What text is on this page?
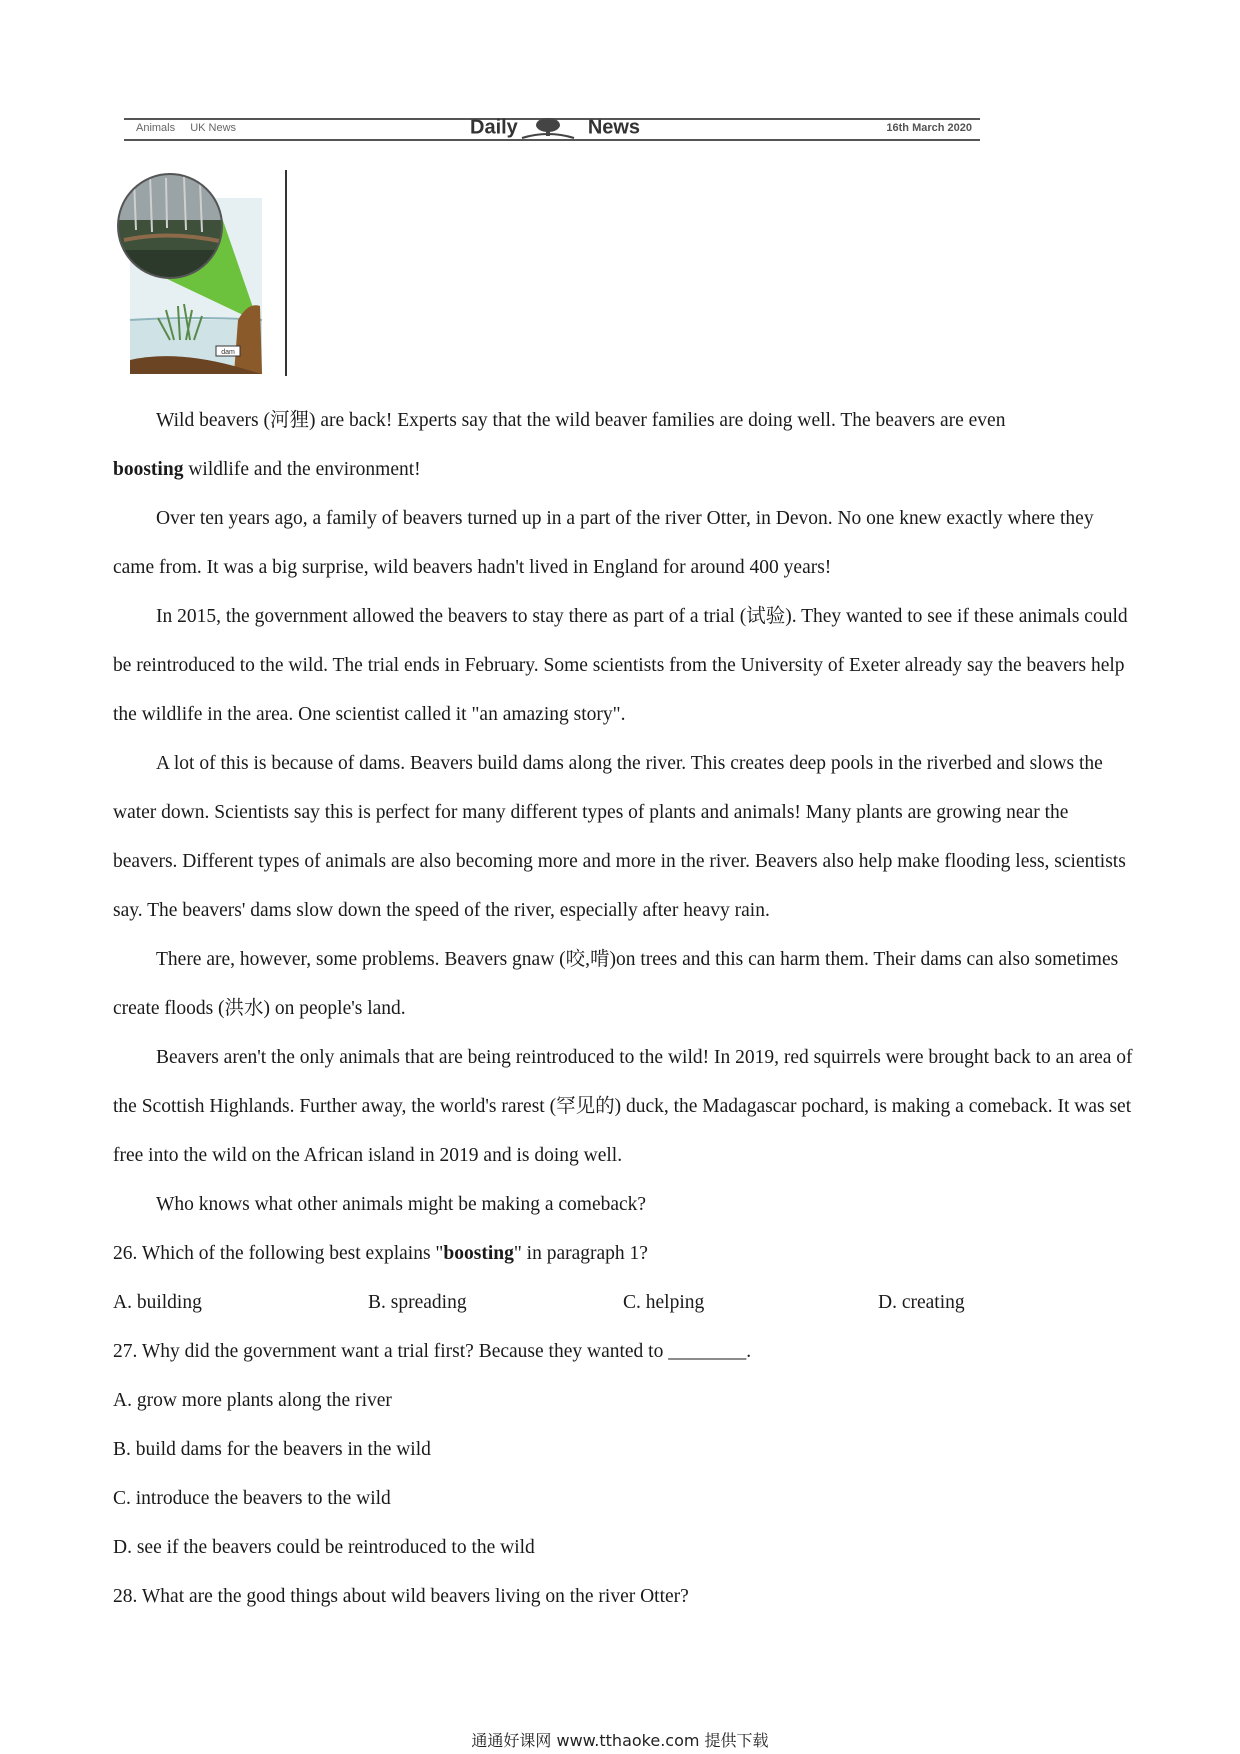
Animals UK News	Daily	News	16th March 2020
dam

Wild beavers (河狸) are back! Experts say that the wild beaver families are doing well. The beavers are even
boosting wildlife and the environment!

Over ten years ago, a family of beavers turned up in a part of the river Otter, in Devon. No one knew exactly where they came from. It was a big surprise, wild beavers hadn't lived in England for around 400 years!

In 2015, the government allowed the beavers to stay there as part of a trial (试验). They wanted to see if these animals could be reintroduced to the wild. The trial ends in February. Some scientists from the University of Exeter already say the beavers help the wildlife in the area. One scientist called it "an amazing story".

A lot of this is because of dams. Beavers build dams along the river. This creates deep pools in the riverbed and slows the water down. Scientists say this is perfect for many different types of plants and animals! Many plants are growing near the beavers. Different types of animals are also becoming more and more in the river. Beavers also help make flooding less, scientists say. The beavers' dams slow down the speed of the river, especially after heavy rain.

There are, however, some problems. Beavers gnaw (咬,啃)on trees and this can harm them. Their dams can also sometimes create floods (洪水) on people's land.

Beavers aren't the only animals that are being reintroduced to the wild! In 2019, red squirrels were brought back to an area of the Scottish Highlands. Further away, the world's rarest (罕见的) duck, the Madagascar pochard, is making a comeback. It was set free into the wild on the African island in 2019 and is doing well.

Who knows what other animals might be making a comeback?

26. Which of the following best explains "boosting" in paragraph 1?

A. building	B. spreading	C. helping	D. creating

27. Why did the government want a trial first? Because they wanted to ________.

A. grow more plants along the river

B. build dams for the beavers in the wild

C. introduce the beavers to the wild

D. see if the beavers could be reintroduced to the wild

28. What are the good things about wild beavers living on the river Otter?

通通好课网 www.tthaoke.com 提供下载
